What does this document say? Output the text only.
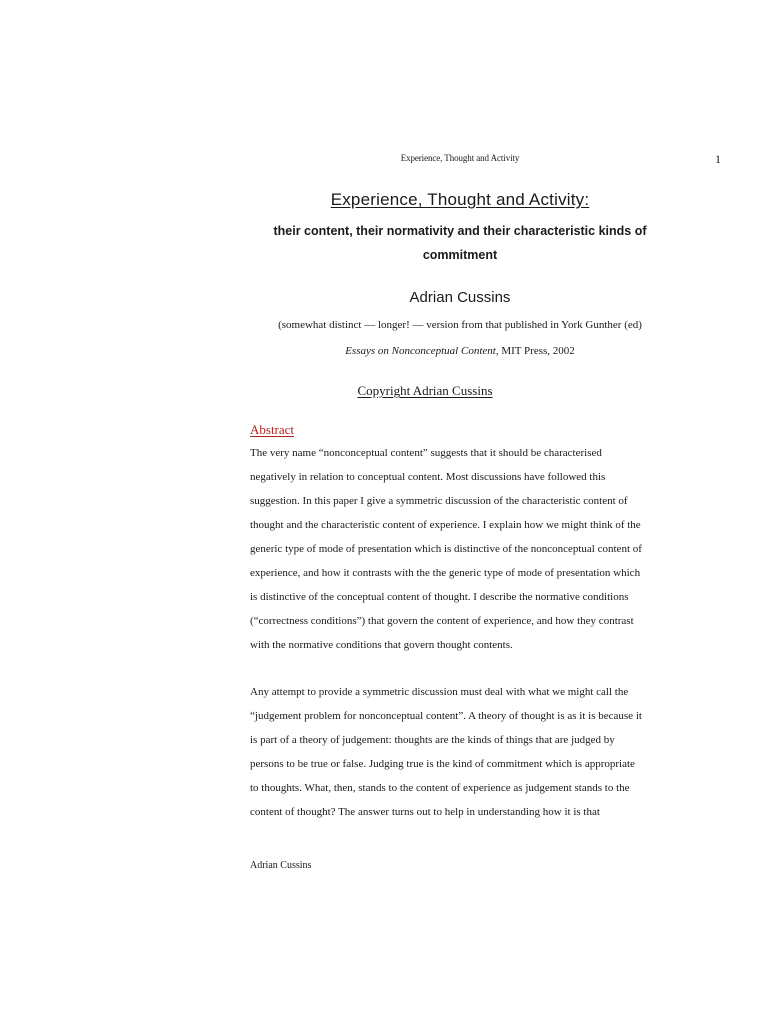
Experience, Thought and Activity	1
Experience, Thought and Activity:
their content, their normativity and their characteristic kinds of
commitment
Adrian Cussins
(somewhat distinct — longer! — version from that published in York Gunther (ed)
Essays on Nonconceptual Content, MIT Press, 2002
Copyright Adrian Cussins
Abstract

The very name “nonconceptual content” suggests that it should be characterised
negatively in relation to conceptual content. Most discussions have followed this
suggestion. In this paper I give a symmetric discussion of the characteristic content of
thought and the characteristic content of experience. I explain how we might think of the
generic type of mode of presentation which is distinctive of the nonconceptual content of
experience, and how it contrasts with the the generic type of mode of presentation which
is distinctive of the conceptual content of thought. I describe the normative conditions
(“correctness conditions”) that govern the content of experience, and how they contrast
with the normative conditions that govern thought contents.

Any attempt to provide a symmetric discussion must deal with what we might call the
“judgement problem for nonconceptual content”. A theory of thought is as it is because it
is part of a theory of judgement: thoughts are the kinds of things that are judged by
persons to be true or false. Judging true is the kind of commitment which is appropriate
to thoughts. What, then, stands to the content of experience as judgement stands to the
content of thought? The answer turns out to help in understanding how it is that

Adrian Cussins
